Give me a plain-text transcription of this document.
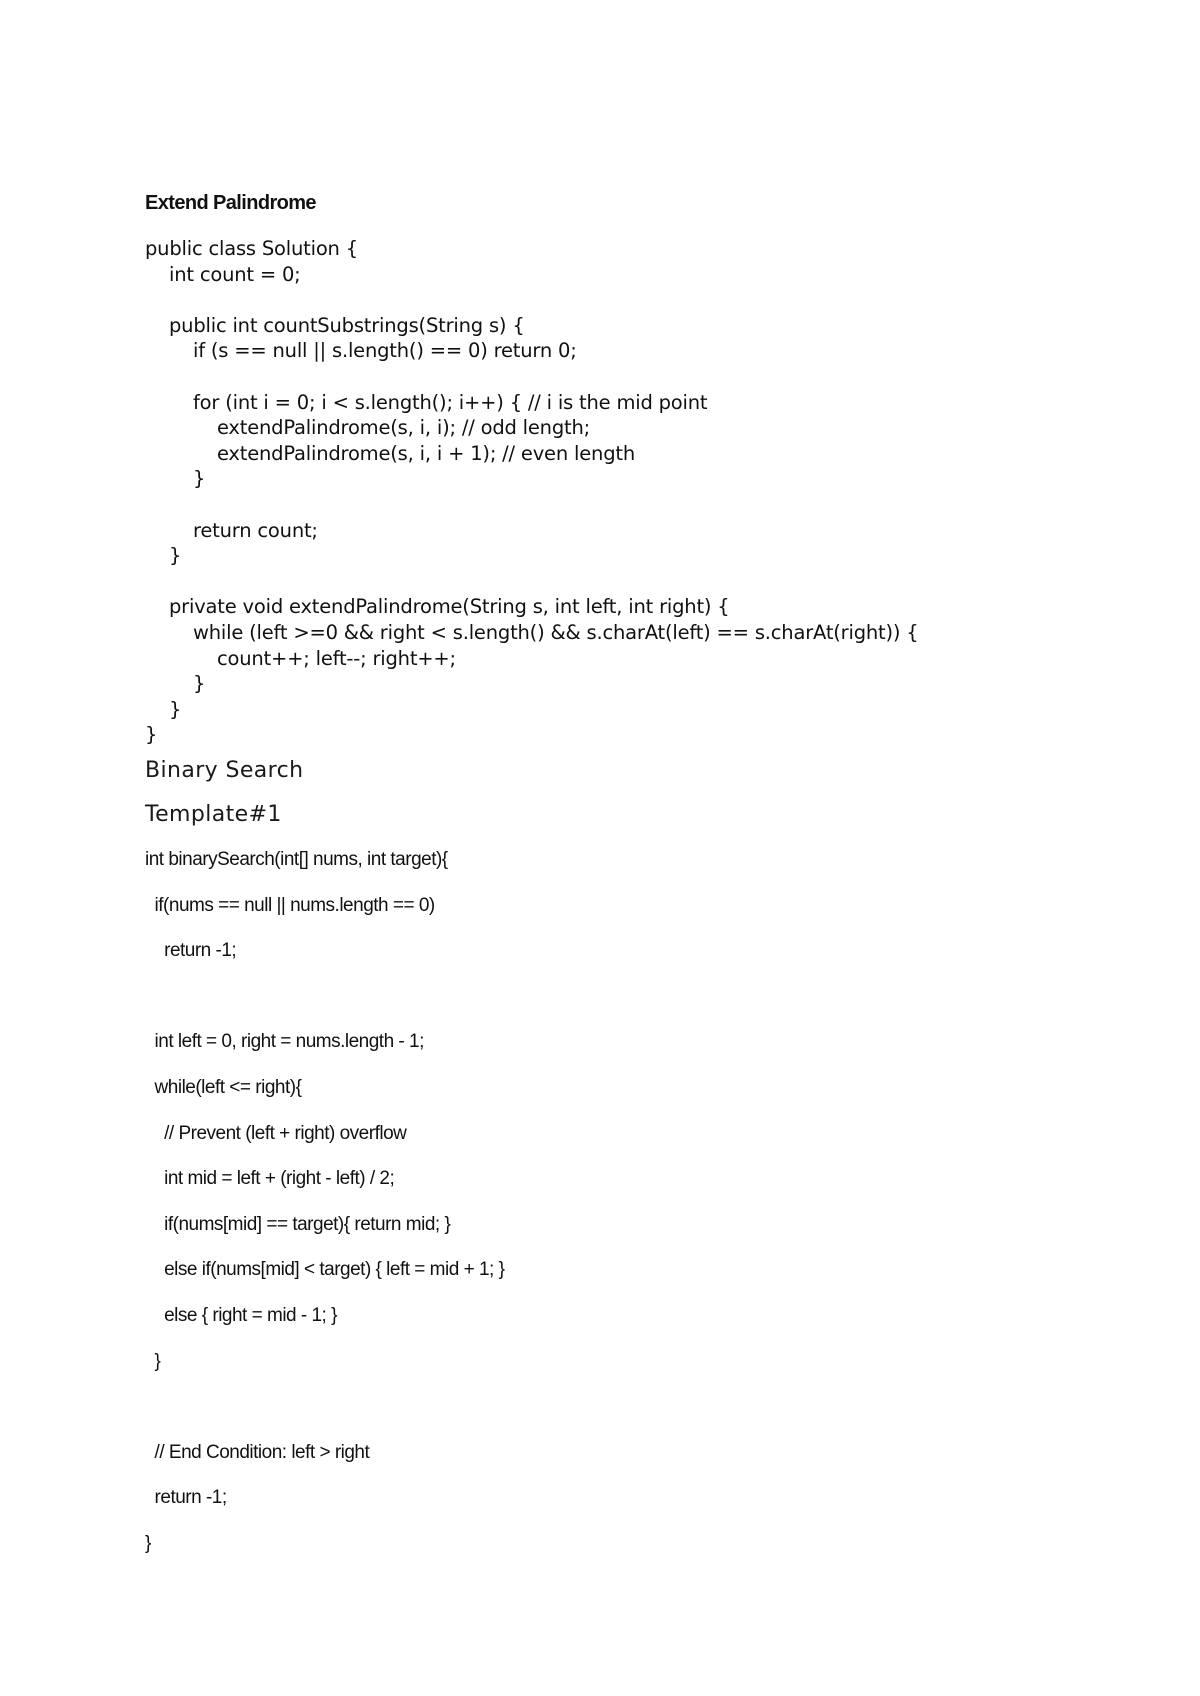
Extend Palindrome
public class Solution {
int count = 0;
public int countSubstrings(String s) {
if (s == null || s.length() == 0) return 0;
for (int i = 0; i < s.length(); i++) { // i is the mid point
extendPalindrome(s, i, i); // odd length;
extendPalindrome(s, i, i + 1); // even length
}
return count;
}
private void extendPalindrome(String s, int left, int right) {
while (left >=0 && right < s.length() && s.charAt(left) == s.charAt(right)) {
count++; left--; right++;
}
}
}
Binary Search
Template#1
int binarySearch(int[] nums, int target){
if(nums == null || nums.length == 0)
return -1;
int left = 0, right = nums.length - 1;
while(left <= right){
// Prevent (left + right) overflow
int mid = left + (right - left) / 2;
if(nums[mid] == target){ return mid; }
else if(nums[mid] < target) { left = mid + 1; }
else { right = mid - 1; }
}
// End Condition: left > right
return -1;
}
